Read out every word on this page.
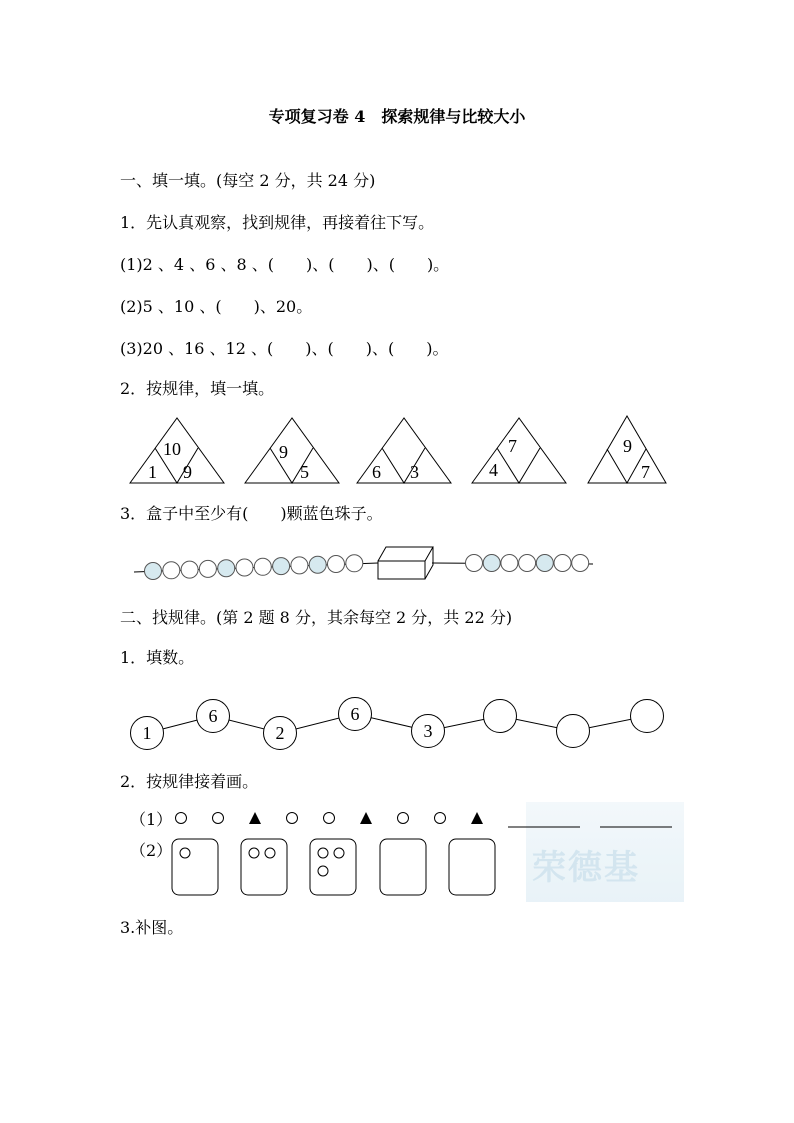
专项复习卷 4　探索规律与比较大小
一、填一填。(每空 2 分，共 24 分)
1．先认真观察，找到规律，再接着往下写。
(1)2 、4 、6 、8 、(　　)、(　　)、(　　)。
(2)5 、10 、(　　)、20。
(3)20 、16 、12 、(　　)、(　　)、(　　)。
2．按规律，填一填。
10
1 9
9
5	6 3
7
4
9
7
3．盒子中至少有(　　)颗蓝色珠子。
二、找规律。(第 2 题 8 分，其余每空 2 分，共 22 分)
1．填数。
1
6
2
6
3
2．按规律接着画。
荣德基
（1）
（2）
3.补图。
